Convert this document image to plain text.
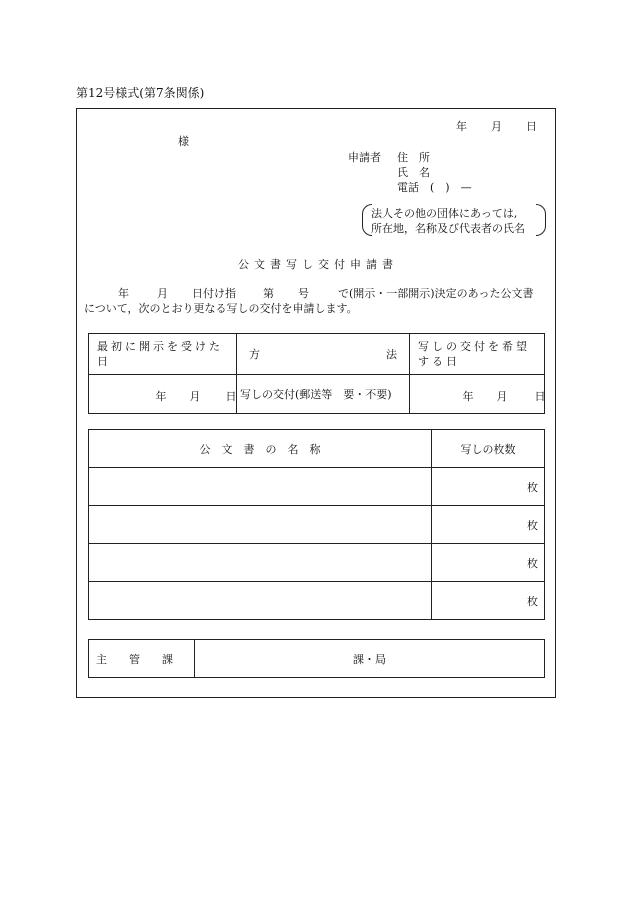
第12号様式(第7条関係)
年 月 日
様
申請者 住　所
氏　名
電話　(　)　—
法人その他の団体にあっては,
所在地，名称及び代表者の氏名
公文書写し交付申請書
年	月 日付け指 第 号	で(開示・一部開示)決定のあった公文書
について，次のとおり更なる写しの交付を申請します。
最初に開示を受けた日	方 法	写しの交付を希望する日

年 月 日	写しの交付(郵送等　要・不要)	年 月 日
公　文　書　の　名　称	写しの枚数
	枚
	枚
	枚
	枚
主　　管　　課	課・局
